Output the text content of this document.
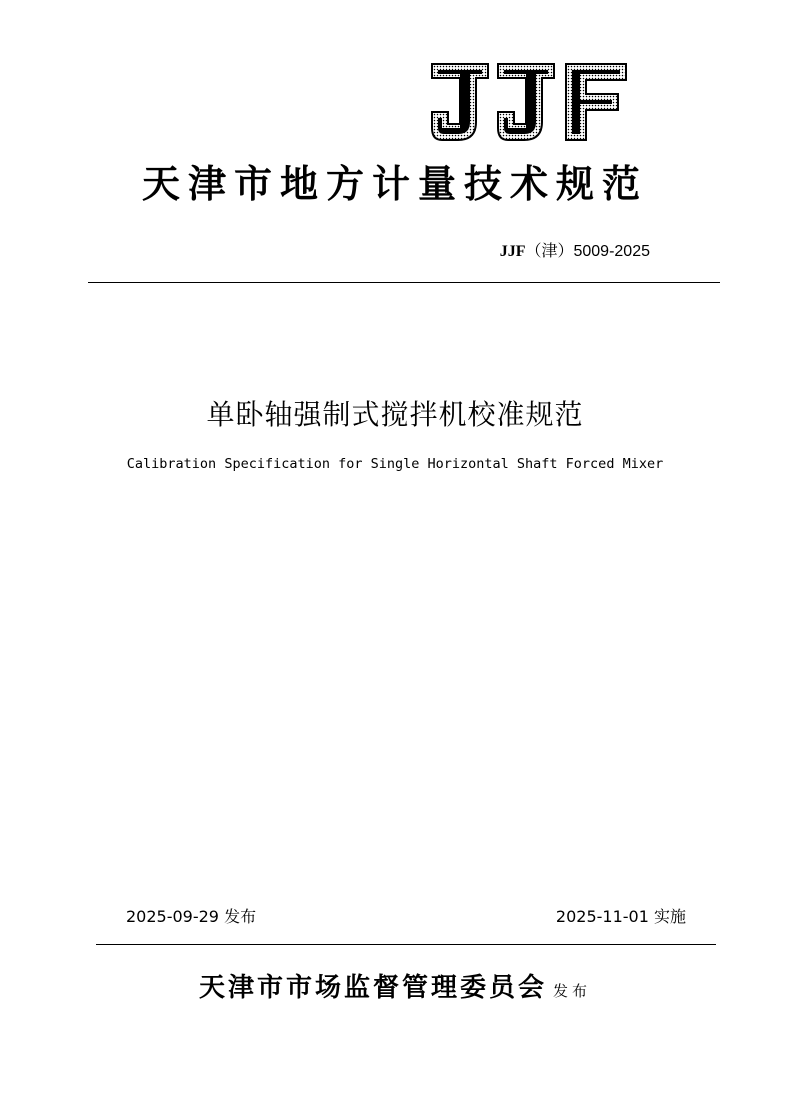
天津市地方计量技术规范
JJF（津）5009-2025
单卧轴强制式搅拌机校准规范
Calibration Specification for Single Horizontal Shaft Forced Mixer
2025-09-29 发布	2025-11-01 实施
天津市市场监督管理委员会 发布
